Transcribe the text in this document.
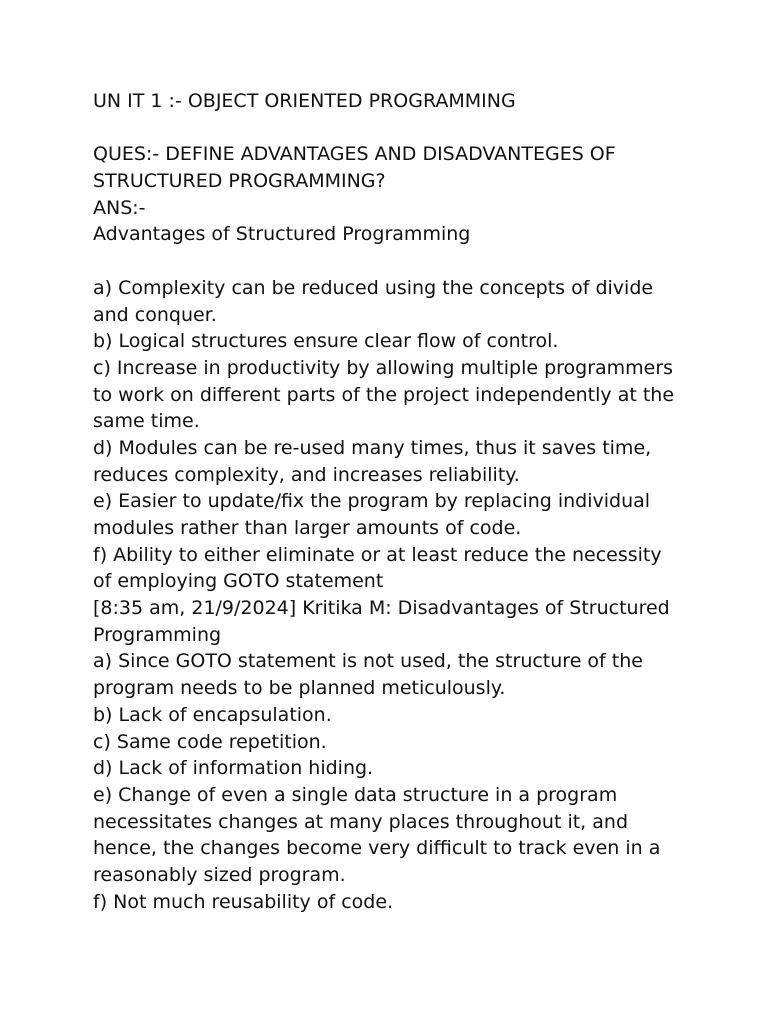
UN IT 1 :- OBJECT ORIENTED PROGRAMMING
QUES:- DEFINE ADVANTAGES AND DISADVANTEGES OF
STRUCTURED PROGRAMMING?
ANS:-
Advantages of Structured Programming
a) Complexity can be reduced using the concepts of divide
and conquer.
b) Logical structures ensure clear flow of control.
c) Increase in productivity by allowing multiple programmers
to work on different parts of the project independently at the
same time.
d) Modules can be re-used many times, thus it saves time,
reduces complexity, and increases reliability.
e) Easier to update/fix the program by replacing individual
modules rather than larger amounts of code.
f) Ability to either eliminate or at least reduce the necessity
of employing GOTO statement
[8:35 am, 21/9/2024] Kritika M: Disadvantages of Structured
Programming
a) Since GOTO statement is not used, the structure of the
program needs to be planned meticulously.
b) Lack of encapsulation.
c) Same code repetition.
d) Lack of information hiding.
e) Change of even a single data structure in a program
necessitates changes at many places throughout it, and
hence, the changes become very difficult to track even in a
reasonably sized program.
f) Not much reusability of code.
